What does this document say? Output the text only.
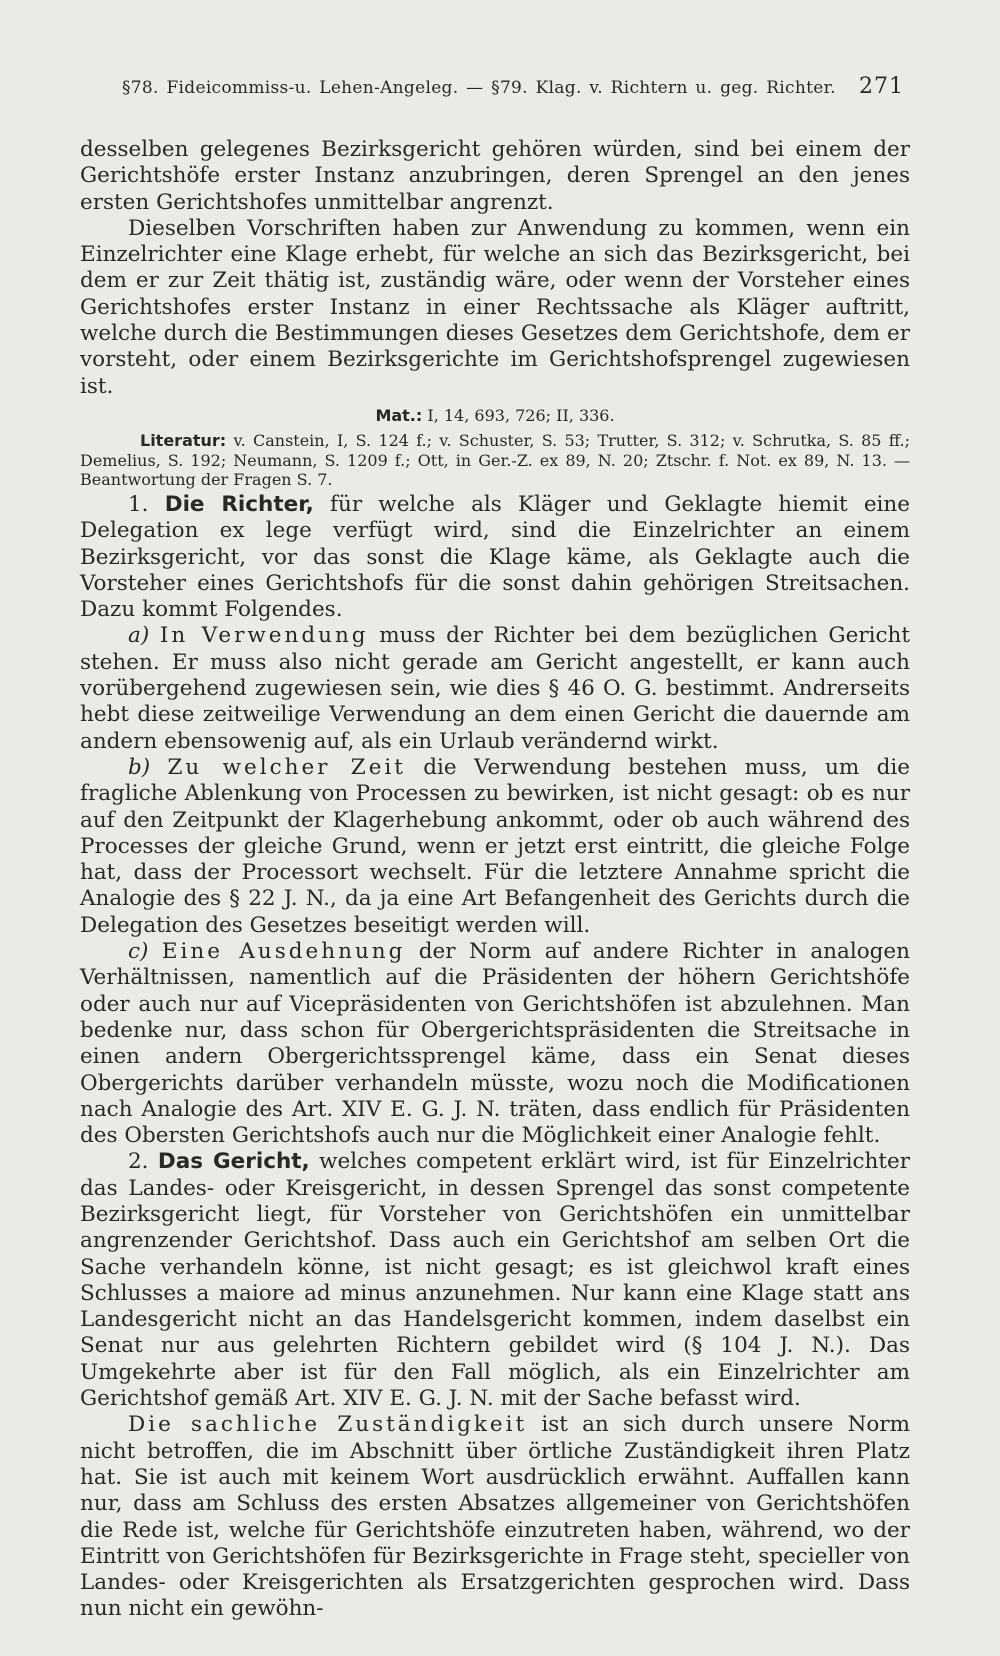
§78. Fideicommiss-u. Lehen-Angeleg. — §79. Klag. v. Richtern u. geg. Richter. 271

desselben gelegenes Bezirksgericht gehören würden, sind bei einem der Gerichtshöfe erster Instanz anzubringen, deren Sprengel an den jenes ersten Gerichtshofes unmittelbar angrenzt.

Dieselben Vorschriften haben zur Anwendung zu kommen, wenn ein Einzelrichter eine Klage erhebt, für welche an sich das Bezirksgericht, bei dem er zur Zeit thätig ist, zuständig wäre, oder wenn der Vorsteher eines Gerichtshofes erster Instanz in einer Rechtssache als Kläger auftritt, welche durch die Bestimmungen dieses Gesetzes dem Gerichtshofe, dem er vorsteht, oder einem Bezirksgerichte im Gerichtshofsprengel zugewiesen ist.

Mat.: I, 14, 693, 726; II, 336.
Literatur: v. Canstein, I, S. 124 f.; v. Schuster, S. 53; Trutter, S. 312; v. Schrutka, S. 85 ff.; Demelius, S. 192; Neumann, S. 1209 f.; Ott, in Ger.-Z. ex 89, N. 20; Ztschr. f. Not. ex 89, N. 13. — Beantwortung der Fragen S. 7.

1. Die Richter, für welche als Kläger und Geklagte hiemit eine Delegation ex lege verfügt wird, sind die Einzelrichter an einem Bezirksgericht, vor das sonst die Klage käme, als Geklagte auch die Vorsteher eines Gerichtshofs für die sonst dahin gehörigen Streitsachen. Dazu kommt Folgendes.

a) In Verwendung muss der Richter bei dem bezüglichen Gericht stehen. Er muss also nicht gerade am Gericht angestellt, er kann auch vorübergehend zugewiesen sein, wie dies § 46 O. G. bestimmt. Andrerseits hebt diese zeitweilige Verwendung an dem einen Gericht die dauernde am andern ebensowenig auf, als ein Urlaub verändernd wirkt.

b) Zu welcher Zeit die Verwendung bestehen muss, um die fragliche Ablenkung von Processen zu bewirken, ist nicht gesagt: ob es nur auf den Zeitpunkt der Klagerhebung ankommt, oder ob auch während des Processes der gleiche Grund, wenn er jetzt erst eintritt, die gleiche Folge hat, dass der Processort wechselt. Für die letztere Annahme spricht die Analogie des § 22 J. N., da ja eine Art Befangenheit des Gerichts durch die Delegation des Gesetzes beseitigt werden will.

c) Eine Ausdehnung der Norm auf andere Richter in analogen Verhältnissen, namentlich auf die Präsidenten der höhern Gerichtshöfe oder auch nur auf Vicepräsidenten von Gerichtshöfen ist abzulehnen. Man bedenke nur, dass schon für Obergerichtspräsidenten die Streitsache in einen andern Obergerichtssprengel käme, dass ein Senat dieses Obergerichts darüber verhandeln müsste, wozu noch die Modificationen nach Analogie des Art. XIV E. G. J. N. träten, dass endlich für Präsidenten des Obersten Gerichtshofs auch nur die Möglichkeit einer Analogie fehlt.

2. Das Gericht, welches competent erklärt wird, ist für Einzelrichter das Landes- oder Kreisgericht, in dessen Sprengel das sonst competente Bezirksgericht liegt, für Vorsteher von Gerichtshöfen ein unmittelbar angrenzender Gerichtshof. Dass auch ein Gerichtshof am selben Ort die Sache verhandeln könne, ist nicht gesagt; es ist gleichwol kraft eines Schlusses a maiore ad minus anzunehmen. Nur kann eine Klage statt ans Landesgericht nicht an das Handelsgericht kommen, indem daselbst ein Senat nur aus gelehrten Richtern gebildet wird (§ 104 J. N.). Das Umgekehrte aber ist für den Fall möglich, als ein Einzelrichter am Gerichtshof gemäß Art. XIV E. G. J. N. mit der Sache befasst wird.

Die sachliche Zuständigkeit ist an sich durch unsere Norm nicht betroffen, die im Abschnitt über örtliche Zuständigkeit ihren Platz hat. Sie ist auch mit keinem Wort ausdrücklich erwähnt. Auffallen kann nur, dass am Schluss des ersten Absatzes allgemeiner von Gerichtshöfen die Rede ist, welche für Gerichtshöfe einzutreten haben, während, wo der Eintritt von Gerichtshöfen für Bezirksgerichte in Frage steht, specieller von Landes- oder Kreisgerichten als Ersatzgerichten gesprochen wird. Dass nun nicht ein gewöhn-
